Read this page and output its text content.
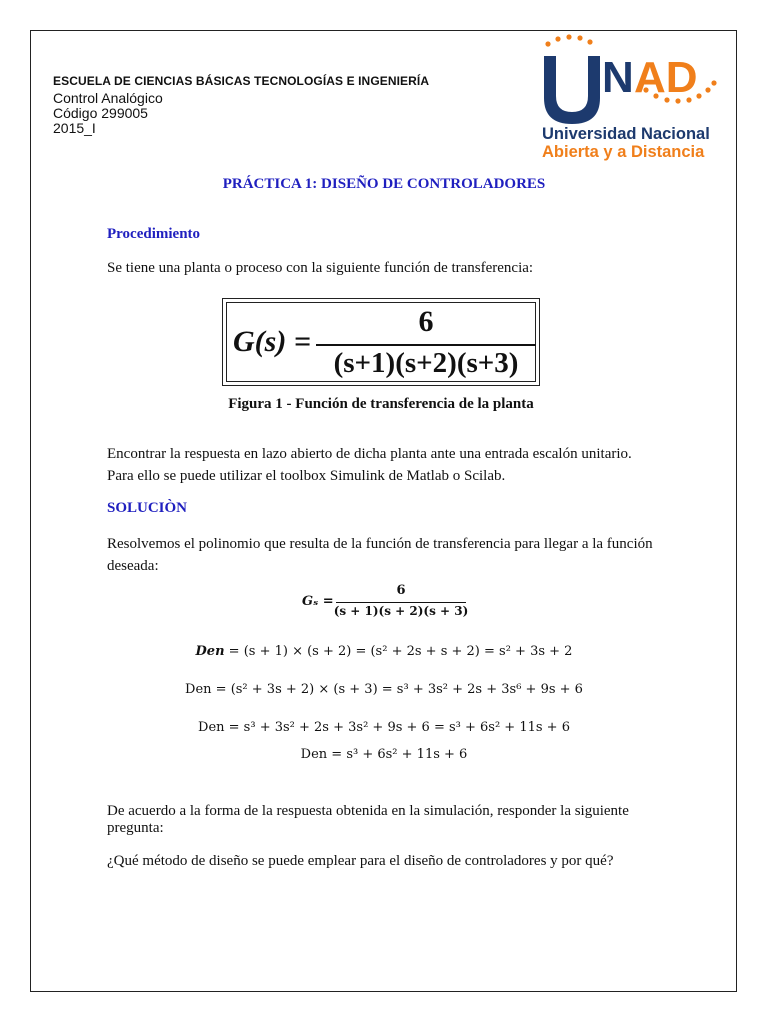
ESCUELA DE CIENCIAS BÁSICAS TECNOLOGÍAS E INGENIERÍA
Control Analógico
Código 299005
2015_I
N AD
Universidad Nacional
Abierta y a Distancia
PRÁCTICA 1: DISEÑO DE CONTROLADORES
Procedimiento
Se tiene una planta o proceso con la siguiente función de transferencia:
G(s) =
6
(s+1)(s+2)(s+3)
Figura 1 - Función de transferencia de la planta
Encontrar la respuesta en lazo abierto de dicha planta ante una entrada escalón unitario. Para ello se puede utilizar el toolbox Simulink de Matlab o Scilab.
SOLUCIÒN
Resolvemos el polinomio que resulta de la función de transferencia para llegar a la función deseada:
Gₛ =
6
(s + 1)(s + 2)(s + 3)
Den = (s + 1) × (s + 2) = (s² + 2s + s + 2) = s² + 3s + 2
Den = (s² + 3s + 2) × (s + 3) = s³ + 3s² + 2s + 3s⁶ + 9s + 6
Den = s³ + 3s² + 2s + 3s² + 9s + 6 = s³ + 6s² + 11s + 6
Den = s³ + 6s² + 11s + 6
De acuerdo a la forma de la respuesta obtenida en la simulación, responder la siguiente pregunta:
¿Qué método de diseño se puede emplear para el diseño de controladores y por qué?
